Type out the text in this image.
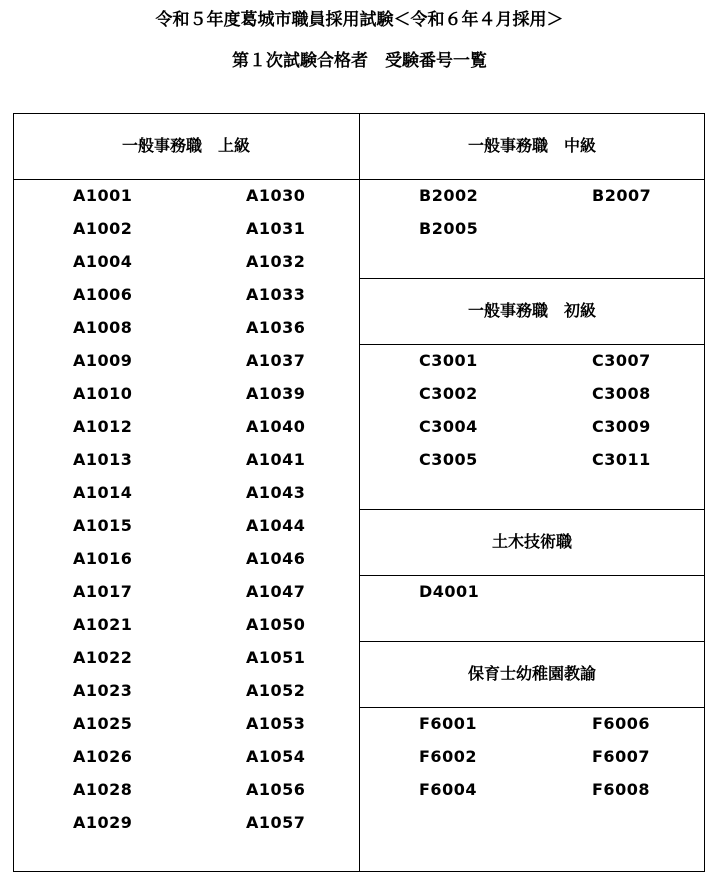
令和５年度葛城市職員採用試験＜令和６年４月採用＞
第１次試験合格者　受験番号一覧
一般事務職　上級	一般事務職　中級
一般事務職　初級
土木技術職
保育士幼稚園教諭
A1001
A1002
A1004
A1006
A1008
A1009
A1010
A1012
A1013
A1014
A1015
A1016
A1017
A1021
A1022
A1023
A1025
A1026
A1028
A1029
A1030
A1031
A1032
A1033
A1036
A1037
A1039
A1040
A1041
A1043
A1044
A1046
A1047
A1050
A1051
A1052
A1053
A1054
A1056
A1057
B2002
B2005
B2007
C3001
C3002
C3004
C3005
C3007
C3008
C3009
C3011
D4001
F6001
F6002
F6004
F6006
F6007
F6008
